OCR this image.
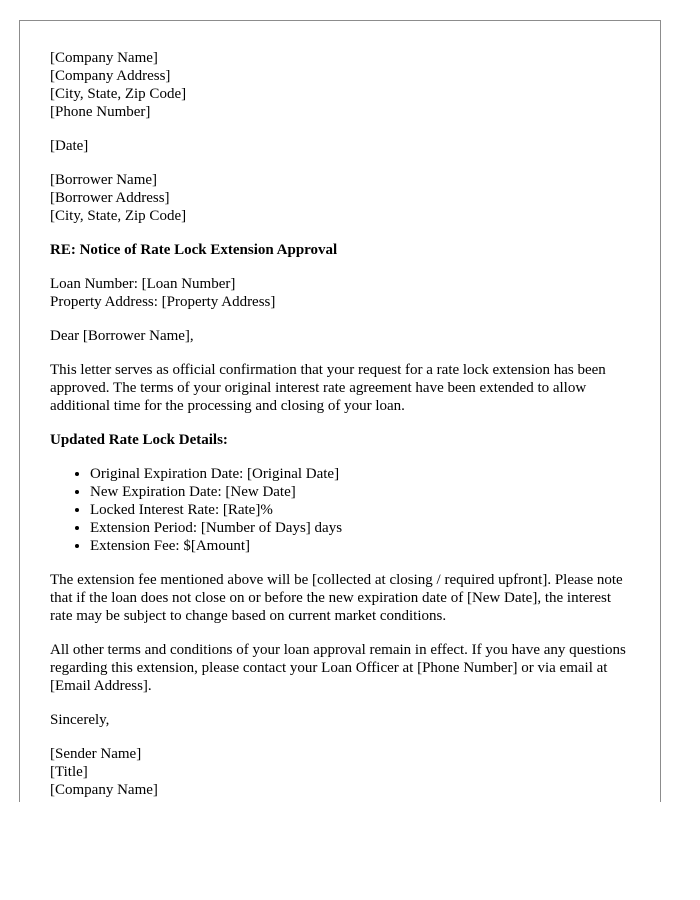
[Company Name]
[Company Address]
[City, State, Zip Code]
[Phone Number]
[Date]
[Borrower Name]
[Borrower Address]
[City, State, Zip Code]
RE: Notice of Rate Lock Extension Approval
Loan Number: [Loan Number]
Property Address: [Property Address]

Dear [Borrower Name],

This letter serves as official confirmation that your request for a rate lock extension has been approved. The terms of your original interest rate agreement have been extended to allow additional time for the processing and closing of your loan.

Updated Rate Lock Details:
• Original Expiration Date: [Original Date]
• New Expiration Date: [New Date]
• Locked Interest Rate: [Rate]%
• Extension Period: [Number of Days] days
• Extension Fee: $[Amount]

The extension fee mentioned above will be [collected at closing / required upfront]. Please note that if the loan does not close on or before the new expiration date of [New Date], the interest rate may be subject to change based on current market conditions.

All other terms and conditions of your loan approval remain in effect. If you have any questions regarding this extension, please contact your Loan Officer at [Phone Number] or via email at [Email Address].

Sincerely,

[Sender Name]
[Title]
[Company Name]
